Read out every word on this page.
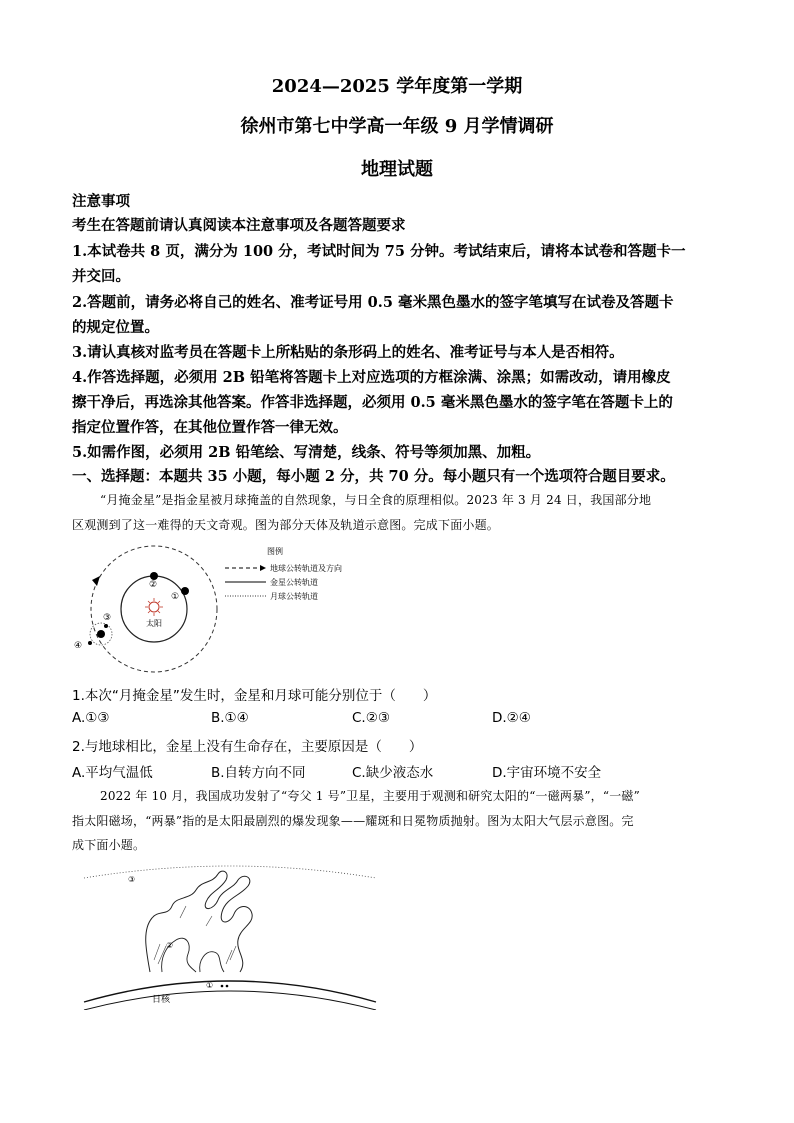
2024—2025 学年度第一学期
徐州市第七中学高一年级 9 月学情调研
地理试题
注意事项
考生在答题前请认真阅读本注意事项及各题答题要求
1.本试卷共 8 页，满分为 100 分，考试时间为 75 分钟。考试结束后，请将本试卷和答题卡一
并交回。
2.答题前，请务必将自己的姓名、准考证号用 0.5 毫米黑色墨水的签字笔填写在试卷及答题卡
的规定位置。
3.请认真核对监考员在答题卡上所粘贴的条形码上的姓名、准考证号与本人是否相符。
4.作答选择题，必须用 2B 铅笔将答题卡上对应选项的方框涂满、涂黑；如需改动，请用橡皮
擦干净后，再选涂其他答案。作答非选择题，必须用 0.5 毫米黑色墨水的签字笔在答题卡上的
指定位置作答，在其他位置作答一律无效。
5.如需作图，必须用 2B 铅笔绘、写清楚，线条、符号等须加黑、加粗。
一、选择题：本题共 35 小题，每小题 2 分，共 70 分。每小题只有一个选项符合题目要求。
“月掩金星”是指金星被月球掩盖的自然现象，与日全食的原理相似。2023 年 3 月 24 日，我国部分地
区观测到了这一难得的天文奇观。图为部分天体及轨道示意图。完成下面小题。
太阳
②
①
③
④
图例
地球公转轨道及方向
金星公转轨道
月球公转轨道
1.本次“月掩金星”发生时，金星和月球可能分别位于（　　）
A.①③	B.①④	C.②③	D.②④
2.与地球相比，金星上没有生命存在，主要原因是（　　）
A.平均气温低	B.自转方向不同	C.缺少液态水	D.宇宙环境不安全
2022 年 10 月，我国成功发射了“夸父 1 号”卫星，主要用于观测和研究太阳的“一磁两暴”，“一磁”
指太阳磁场，“两暴”指的是太阳最剧烈的爆发现象——耀斑和日冕物质抛射。图为太阳大气层示意图。完
成下面小题。
③
②
①
日核
